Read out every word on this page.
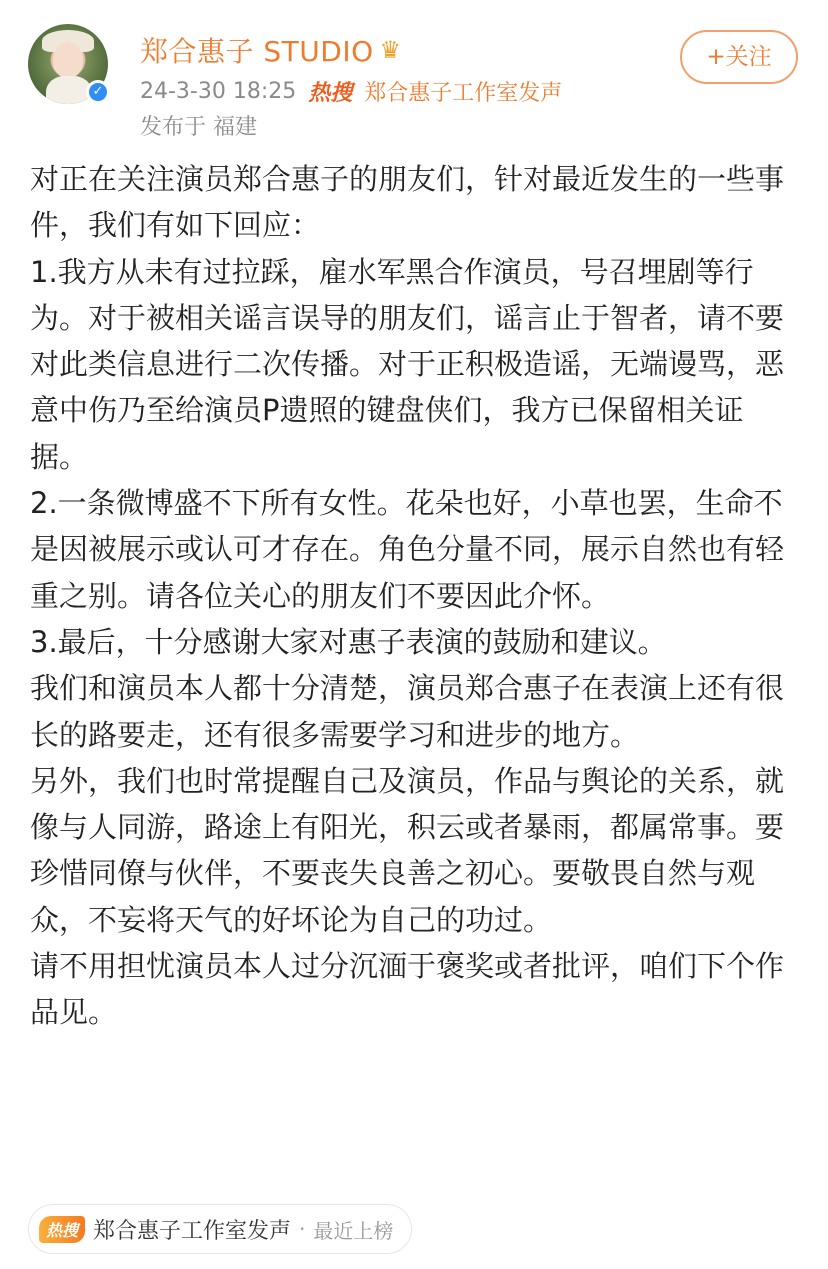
✓
郑合惠子 STUDIO ♛
24-3-30 18:25 热搜 郑合惠子工作室发声
发布于 福建
+关注

对正在关注演员郑合惠子的朋友们，针对最近发生的一些事件，我们有如下回应：

1.我方从未有过拉踩，雇水军黑合作演员，号召埋剧等行为。对于被相关谣言误导的朋友们，谣言止于智者，请不要对此类信息进行二次传播。对于正积极造谣，无端谩骂，恶意中伤乃至给演员P遗照的键盘侠们，我方已保留相关证据。

2.一条微博盛不下所有女性。花朵也好，小草也罢，生命不是因被展示或认可才存在。角色分量不同，展示自然也有轻重之别。请各位关心的朋友们不要因此介怀。

3.最后，十分感谢大家对惠子表演的鼓励和建议。

我们和演员本人都十分清楚，演员郑合惠子在表演上还有很长的路要走，还有很多需要学习和进步的地方。

另外，我们也时常提醒自己及演员，作品与舆论的关系，就像与人同游，路途上有阳光，积云或者暴雨，都属常事。要珍惜同僚与伙伴，不要丧失良善之初心。要敬畏自然与观众，不妄将天气的好坏论为自己的功过。

请不用担忧演员本人过分沉湎于褒奖或者批评，咱们下个作品见。

热搜 郑合惠子工作室发声 · 最近上榜
